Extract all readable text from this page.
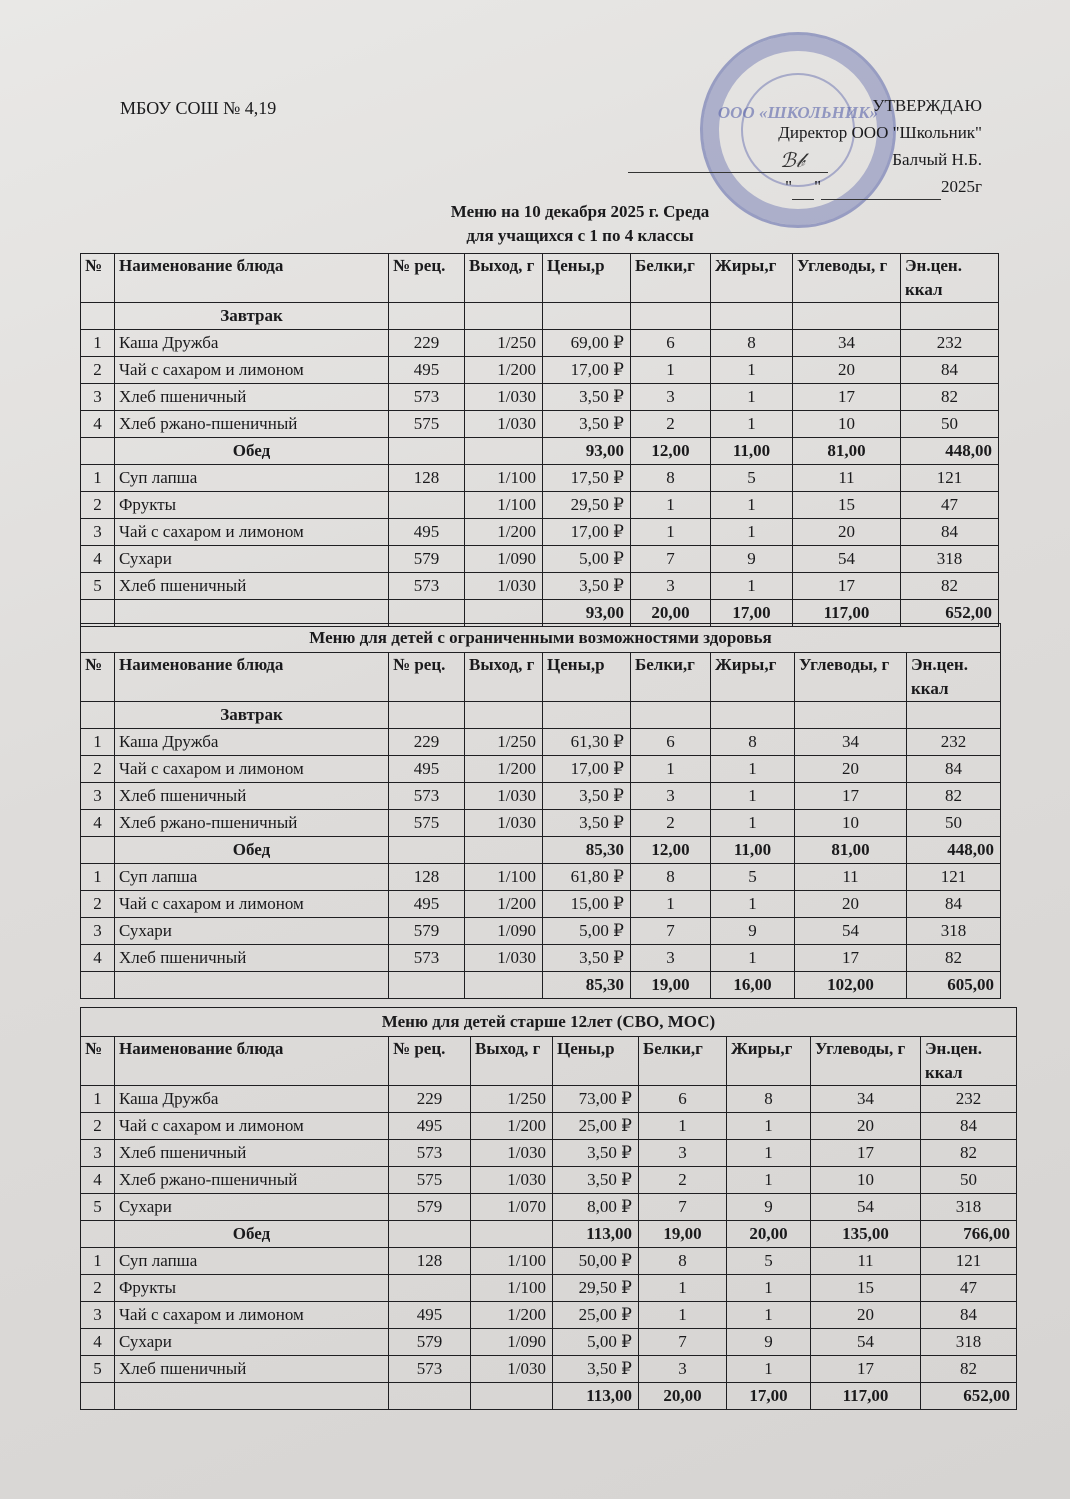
МБОУ СОШ № 4,19	ООО «ШКОЛЬНИК»
УТВЕРЖДАЮ
Директор ООО "Школьник"
Балчый Н.Б.
" "	2025г
ℬ𝒷
Меню на 10 декабря 2025 г. Среда
для учащихся с 1 по 4 классы
№	Наименование блюда	№ рец.	Выход, г	Цены,р	Белки,г	Жиры,г	Углеводы, г	Эн.цен. ккал
	Завтрак							
1	Каша Дружба	229	1/250	69,00 ₽	6	8	34	232
2	Чай с сахаром и лимоном	495	1/200	17,00 ₽	1	1	20	84
3	Хлеб пшеничный	573	1/030	3,50 ₽	3	1	17	82
4	Хлеб ржано-пшеничный	575	1/030	3,50 ₽	2	1	10	50
	Обед			93,00	12,00	11,00	81,00	448,00
1	Суп лапша	128	1/100	17,50 ₽	8	5	11	121
2	Фрукты		1/100	29,50 ₽	1	1	15	47
3	Чай с сахаром и лимоном	495	1/200	17,00 ₽	1	1	20	84
4	Сухари	579	1/090	5,00 ₽	7	9	54	318
5	Хлеб пшеничный	573	1/030	3,50 ₽	3	1	17	82
				93,00	20,00	17,00	117,00	652,00
Меню для детей с ограниченными возможностями здоровья								
№	Наименование блюда	№ рец.	Выход, г	Цены,р	Белки,г	Жиры,г	Углеводы, г	Эн.цен. ккал
	Завтрак							
1	Каша Дружба	229	1/250	61,30 ₽	6	8	34	232
2	Чай с сахаром и лимоном	495	1/200	17,00 ₽	1	1	20	84
3	Хлеб пшеничный	573	1/030	3,50 ₽	3	1	17	82
4	Хлеб ржано-пшеничный	575	1/030	3,50 ₽	2	1	10	50
	Обед			85,30	12,00	11,00	81,00	448,00
1	Суп лапша	128	1/100	61,80 ₽	8	5	11	121
2	Чай с сахаром и лимоном	495	1/200	15,00 ₽	1	1	20	84
3	Сухари	579	1/090	5,00 ₽	7	9	54	318
4	Хлеб пшеничный	573	1/030	3,50 ₽	3	1	17	82
				85,30	19,00	16,00	102,00	605,00
Меню для детей старше 12лет (СВО, МОС)								
№	Наименование блюда	№ рец.	Выход, г	Цены,р	Белки,г	Жиры,г	Углеводы, г	Эн.цен. ккал
1	Каша Дружба	229	1/250	73,00 ₽	6	8	34	232
2	Чай с сахаром и лимоном	495	1/200	25,00 ₽	1	1	20	84
3	Хлеб пшеничный	573	1/030	3,50 ₽	3	1	17	82
4	Хлеб ржано-пшеничный	575	1/030	3,50 ₽	2	1	10	50
5	Сухари	579	1/070	8,00 ₽	7	9	54	318
	Обед			113,00	19,00	20,00	135,00	766,00
1	Суп лапша	128	1/100	50,00 ₽	8	5	11	121
2	Фрукты		1/100	29,50 ₽	1	1	15	47
3	Чай с сахаром и лимоном	495	1/200	25,00 ₽	1	1	20	84
4	Сухари	579	1/090	5,00 ₽	7	9	54	318
5	Хлеб пшеничный	573	1/030	3,50 ₽	3	1	17	82
				113,00	20,00	17,00	117,00	652,00
